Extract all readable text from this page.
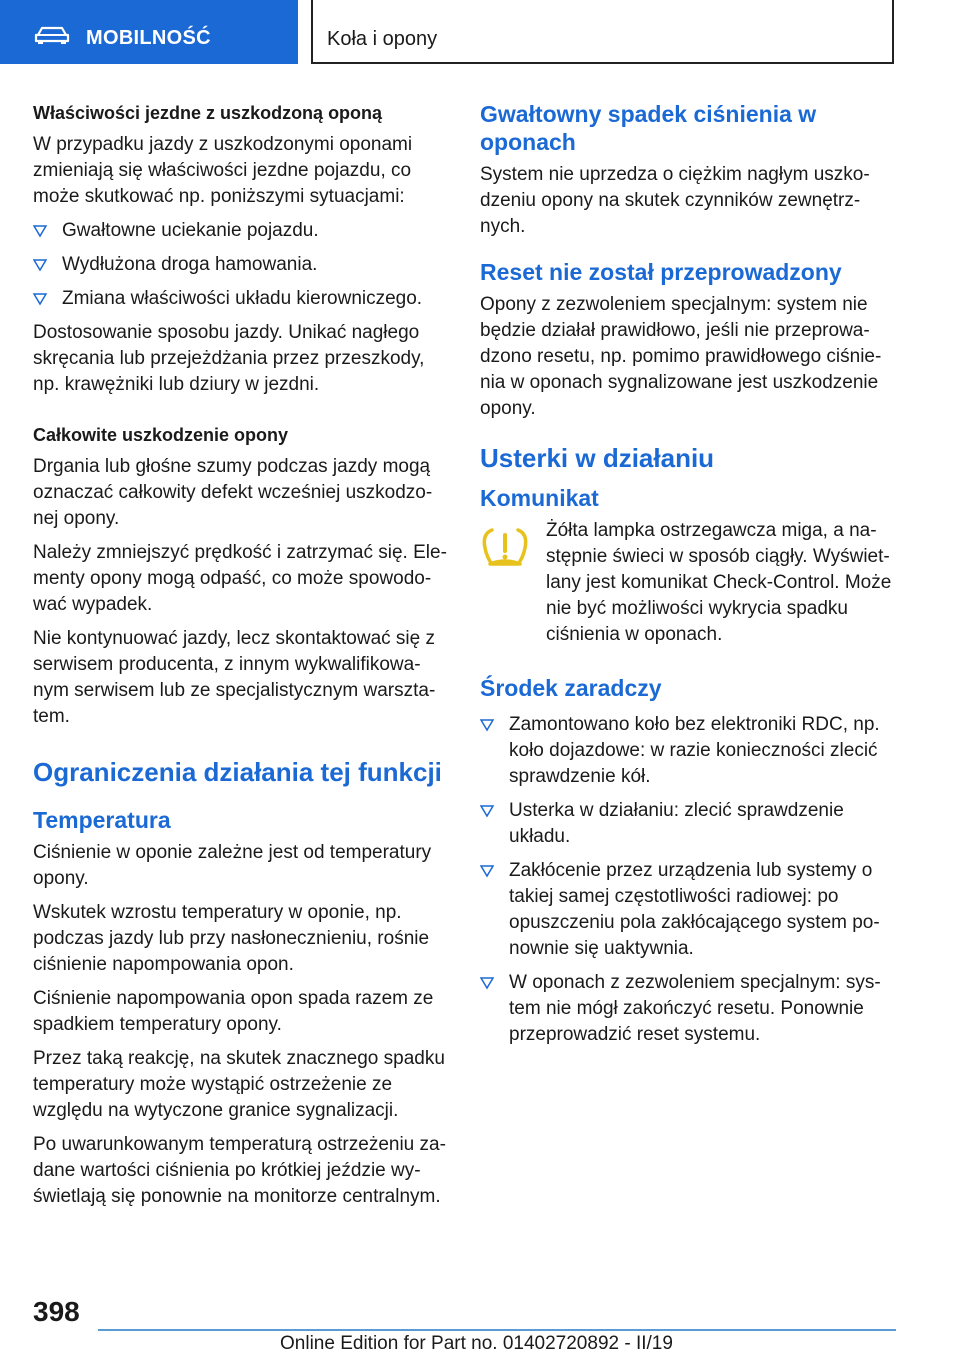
MOBILNOŚĆ	Koła i opony
Właściwości jezdne z uszkodzoną oponą

W przypadku jazdy z uszkodzonymi oponami zmieniają się właściwości jezdne pojazdu, co może skutkować np. poniższymi sytuacjami:

Gwałtowne uciekanie pojazdu.
Wydłużona droga hamowania.
Zmiana właściwości układu kierowniczego.

Dostosowanie sposobu jazdy. Unikać nagłego skręcania lub przejeżdżania przez przeszkody, np. krawężniki lub dziury w jezdni.

Całkowite uszkodzenie opony

Drgania lub głośne szumy podczas jazdy mogą oznaczać całkowity defekt wcześniej uszkodzonej opony.

Należy zmniejszyć prędkość i zatrzymać się. Elementy opony mogą odpaść, co może spowodować wypadek.

Nie kontynuować jazdy, lecz skontaktować się z serwisem producenta, z innym wykwalifikowanym serwisem lub ze specjalistycznym warsztatem.

Ograniczenia działania tej funkcji
Temperatura

Ciśnienie w oponie zależne jest od temperatury opony.

Wskutek wzrostu temperatury w oponie, np. podczas jazdy lub przy nasłonecznieniu, rośnie ciśnienie napompowania opon.

Ciśnienie napompowania opon spada razem ze spadkiem temperatury opony.

Przez taką reakcję, na skutek znacznego spadku temperatury może wystąpić ostrzeżenie ze względu na wytyczone granice sygnalizacji.

Po uwarunkowanym temperaturą ostrzeżeniu zadane wartości ciśnienia po krótkiej jeździe wyświetlają się ponownie na monitorze centralnym.

Gwałtowny spadek ciśnienia w oponach

System nie uprzedza o ciężkim nagłym uszkodzeniu opony na skutek czynników zewnętrznych.

Reset nie został przeprowadzony

Opony z zezwoleniem specjalnym: system nie będzie działał prawidłowo, jeśli nie przeprowadzono resetu, np. pomimo prawidłowego ciśnienia w oponach sygnalizowane jest uszkodzenie opony.

Usterki w działaniu
Komunikat

Żółta lampka ostrzegawcza miga, a następnie świeci w sposób ciągły. Wyświetlany jest komunikat Check-Control. Może nie być możliwości wykrycia spadku ciśnienia w oponach.

Środek zaradczy
Zamontowano koło bez elektroniki RDC, np. koło dojazdowe: w razie konieczności zlecić sprawdzenie kół.
Usterka w działaniu: zlecić sprawdzenie układu.
Zakłócenie przez urządzenia lub systemy o takiej samej częstotliwości radiowej: po opuszczeniu pola zakłócającego system ponownie się uaktywnia.
W oponach z zezwoleniem specjalnym: system nie mógł zakończyć resetu. Ponownie przeprowadzić reset systemu.
398
Online Edition for Part no. 01402720892 - II/19
